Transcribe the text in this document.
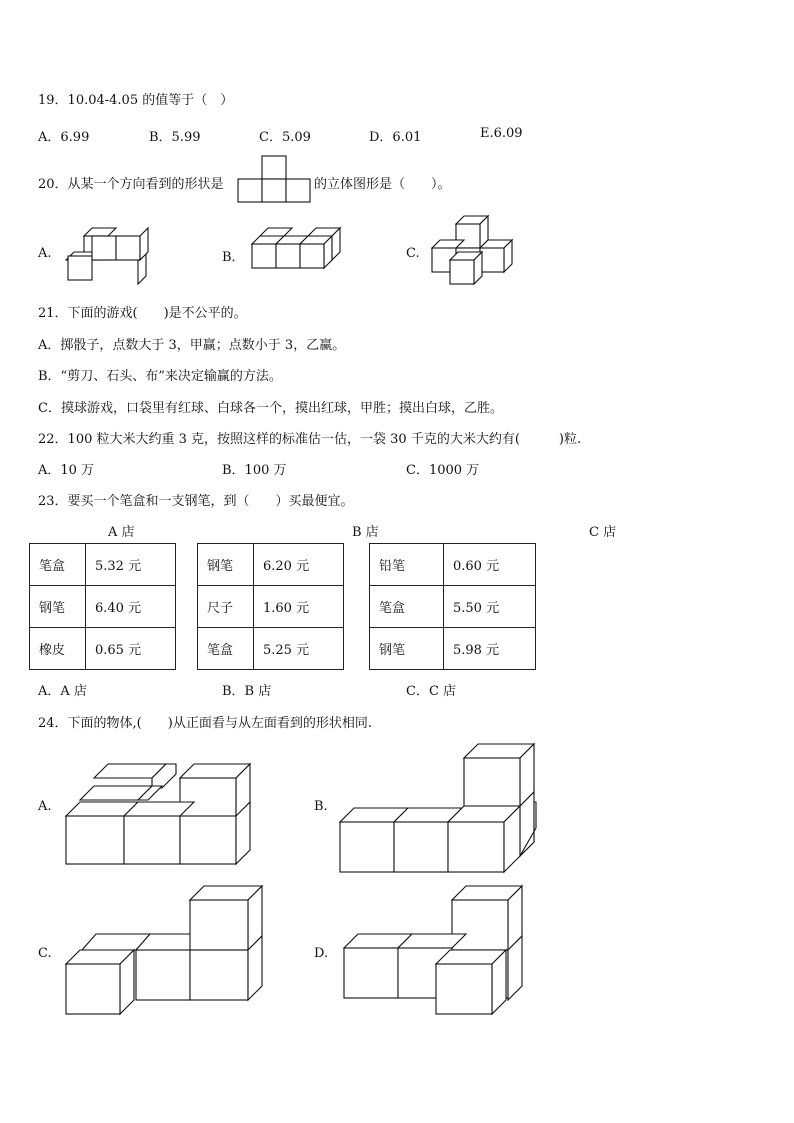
19．10.04-4.05 的值等于（　）
A．6.99	B．5.99	C．5.09	D．6.01	E.6.09
20．从某一个方向看到的形状是	的立体图形是（　　）。
A.	B．	C.
21．下面的游戏(　　)是不公平的。
A．掷骰子，点数大于 3，甲赢；点数小于 3，乙赢。
B．“剪刀、石头、布”来决定输赢的方法。
C．摸球游戏，口袋里有红球、白球各一个，摸出红球，甲胜；摸出白球，乙胜。
22．100 粒大米大约重 3 克，按照这样的标准估一估，一袋 30 千克的大米大约有(　　　)粒.
A．10 万	B．100 万	C．1000 万
23．要买一个笔盒和一支钢笔，到（　　）买最便宜。
A 店	B 店	C 店
笔盒	5.32 元
钢笔	6.40 元
橡皮	0.65 元
钢笔	6.20 元
尺子	1.60 元
笔盒	5.25 元
铅笔	0.60 元
笔盒	5.50 元
钢笔	5.98 元
A．A 店	B．B 店	C．C 店
24．下面的物体,(　　)从正面看与从左面看到的形状相同.
A.	B.
C.	D.
